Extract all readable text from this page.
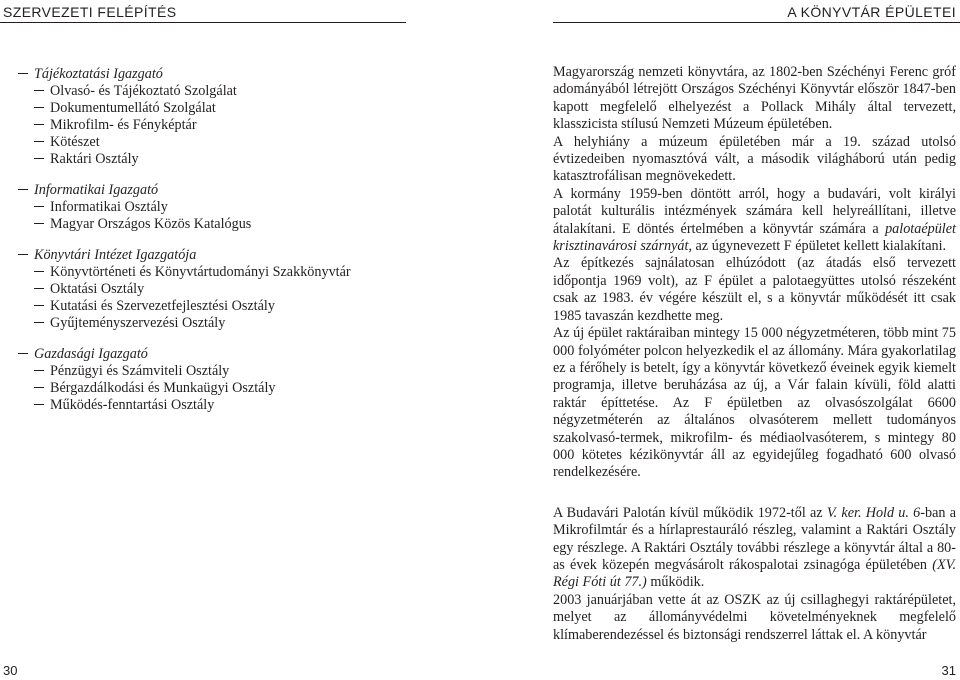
SZERVEZETI FELÉPÍTÉS	A KÖNYVTÁR ÉPÜLETEI
Tájékoztatási Igazgató
Olvasó- és Tájékoztató Szolgálat
Dokumentumellátó Szolgálat
Mikrofilm- és Fényképtár
Kötészet
Raktári Osztály
Informatikai Igazgató
Informatikai Osztály
Magyar Országos Közös Katalógus
Könyvtári Intézet Igazgatója
Könyvtörténeti és Könyvtártudományi Szakkönyvtár
Oktatási Osztály
Kutatási és Szervezetfejlesztési Osztály
Gyűjteményszervezési Osztály
Gazdasági Igazgató
Pénzügyi és Számviteli Osztály
Bérgazdálkodási és Munkaügyi Osztály
Működés-fenntartási Osztály

Magyarország nemzeti könyvtára, az 1802-ben Széchényi Ferenc gróf adományából létrejött Országos Széchényi Könyvtár először 1847-ben kapott megfelelő elhelyezést a Pollack Mihály által tervezett, klasszicista stílusú Nemzeti Múzeum épületében.

A helyhiány a múzeum épületében már a 19. század utolsó évtizedeiben nyomasztóvá vált, a második világháború után pedig katasztrofálisan megnövekedett.

A kormány 1959-ben döntött arról, hogy a budavári, volt királyi palotát kulturális intézmények számára kell helyreállítani, illetve átalakítani. E döntés értelmében a könyvtár számára a palotaépület krisztinavárosi szárnyát, az úgynevezett F épületet kellett kialakítani.

Az építkezés sajnálatosan elhúzódott (az átadás első tervezett időpontja 1969 volt), az F épület a palotaegyüttes utolsó részeként csak az 1983. év végére készült el, s a könyvtár működését itt csak 1985 tavaszán kezdhette meg.

Az új épület raktáraiban mintegy 15 000 négyzetméteren, több mint 75 000 folyóméter polcon helyezkedik el az állomány. Mára gyakorlatilag ez a férőhely is betelt, így a könyvtár következő éveinek egyik kiemelt programja, illetve beruházása az új, a Vár falain kívüli, föld alatti raktár építtetése. Az F épületben az olvasószolgálat 6600 négyzetméterén az általános olvasóterem mellett tudományos szakolvasó-termek, mikrofilm- és médiaolvasóterem, s mintegy 80 000 kötetes kézikönyvtár áll az egyidejűleg fogadható 600 olvasó rendelkezésére.

A Budavári Palotán kívül működik 1972-től az V. ker. Hold u. 6-ban a Mikrofilmtár és a hírlaprestauráló részleg, valamint a Raktári Osztály egy részlege. A Raktári Osztály további részlege a könyvtár által a 80-as évek közepén megvásárolt rákospalotai zsinagóga épületében (XV. Régi Fóti út 77.) működik.

2003 januárjában vette át az OSZK az új csillaghegyi raktárépületet, melyet az állományvédelmi követelményeknek megfelelő klímaberendezéssel és biztonsági rendszerrel láttak el. A könyvtár

30	31
